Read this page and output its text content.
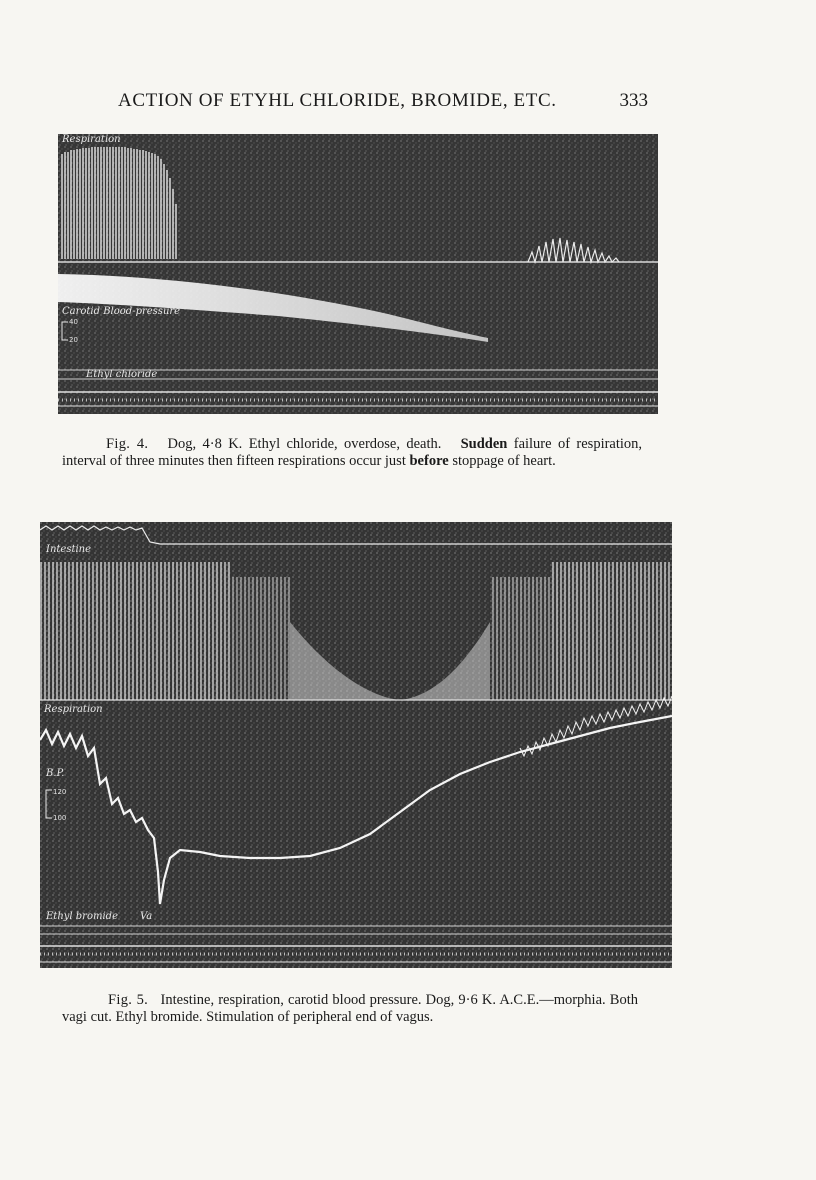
ACTION OF ETYHL CHLORIDE, BROMIDE, ETC.	333
Respiration
Carotid Blood-pressure
40
20
Ethyl chloride
Fig. 4. Dog, 4·8 K. Ethyl chloride, overdose, death. Sudden failure of respiration, interval of three minutes then fifteen respirations occur just before stoppage of heart.
Intestine
Respiration
B.P.
120
100
Ethyl bromide Va
Fig. 5. Intestine, respiration, carotid blood pressure. Dog, 9·6 K. A.C.E.—morphia. Both vagi cut. Ethyl bromide. Stimulation of peripheral end of vagus.
